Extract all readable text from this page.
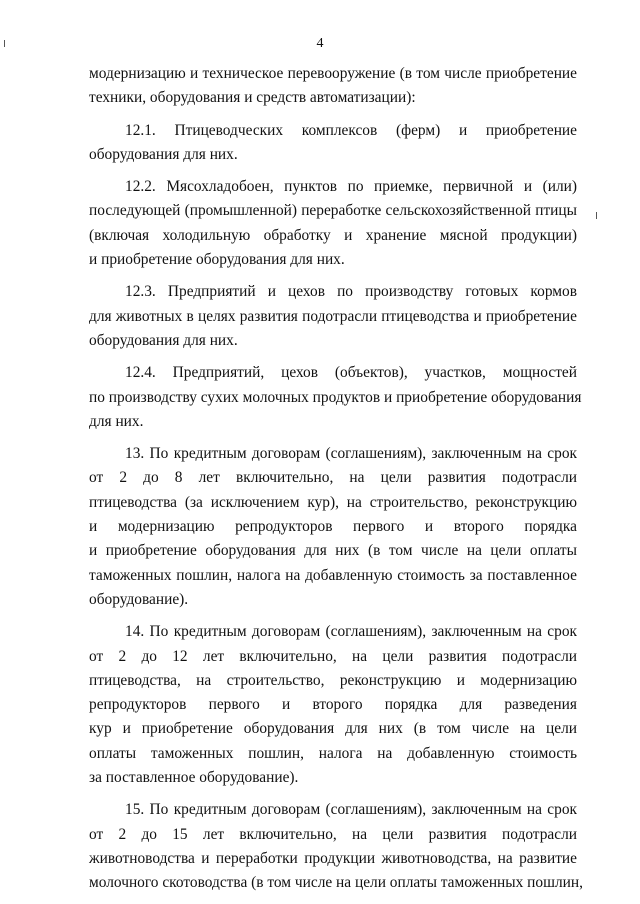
4
модернизацию и техническое перевооружение (в том числе приобретение
техники, оборудования и средств автоматизации):
12.1. Птицеводческих комплексов (ферм) и приобретение
оборудования для них.
12.2. Мясохладобоен, пунктов по приемке, первичной и (или)
последующей (промышленной) переработке сельскохозяйственной птицы
(включая холодильную обработку и хранение мясной продукции)
и приобретение оборудования для них.
12.3. Предприятий и цехов по производству готовых кормов
для животных в целях развития подотрасли птицеводства и приобретение
оборудования для них.
12.4. Предприятий, цехов (объектов), участков, мощностей
по производству сухих молочных продуктов и приобретение оборудования
для них.
13. По кредитным договорам (соглашениям), заключенным на срок
от 2 до 8 лет включительно, на цели развития подотрасли
птицеводства (за исключением кур), на строительство, реконструкцию
и модернизацию репродукторов первого и второго порядка
и приобретение оборудования для них (в том числе на цели оплаты
таможенных пошлин, налога на добавленную стоимость за поставленное
оборудование).
14. По кредитным договорам (соглашениям), заключенным на срок
от 2 до 12 лет включительно, на цели развития подотрасли
птицеводства, на строительство, реконструкцию и модернизацию
репродукторов первого и второго порядка для разведения
кур и приобретение оборудования для них (в том числе на цели
оплаты таможенных пошлин, налога на добавленную стоимость
за поставленное оборудование).
15. По кредитным договорам (соглашениям), заключенным на срок
от 2 до 15 лет включительно, на цели развития подотрасли
животноводства и переработки продукции животноводства, на развитие
молочного скотоводства (в том числе на цели оплаты таможенных пошлин,
